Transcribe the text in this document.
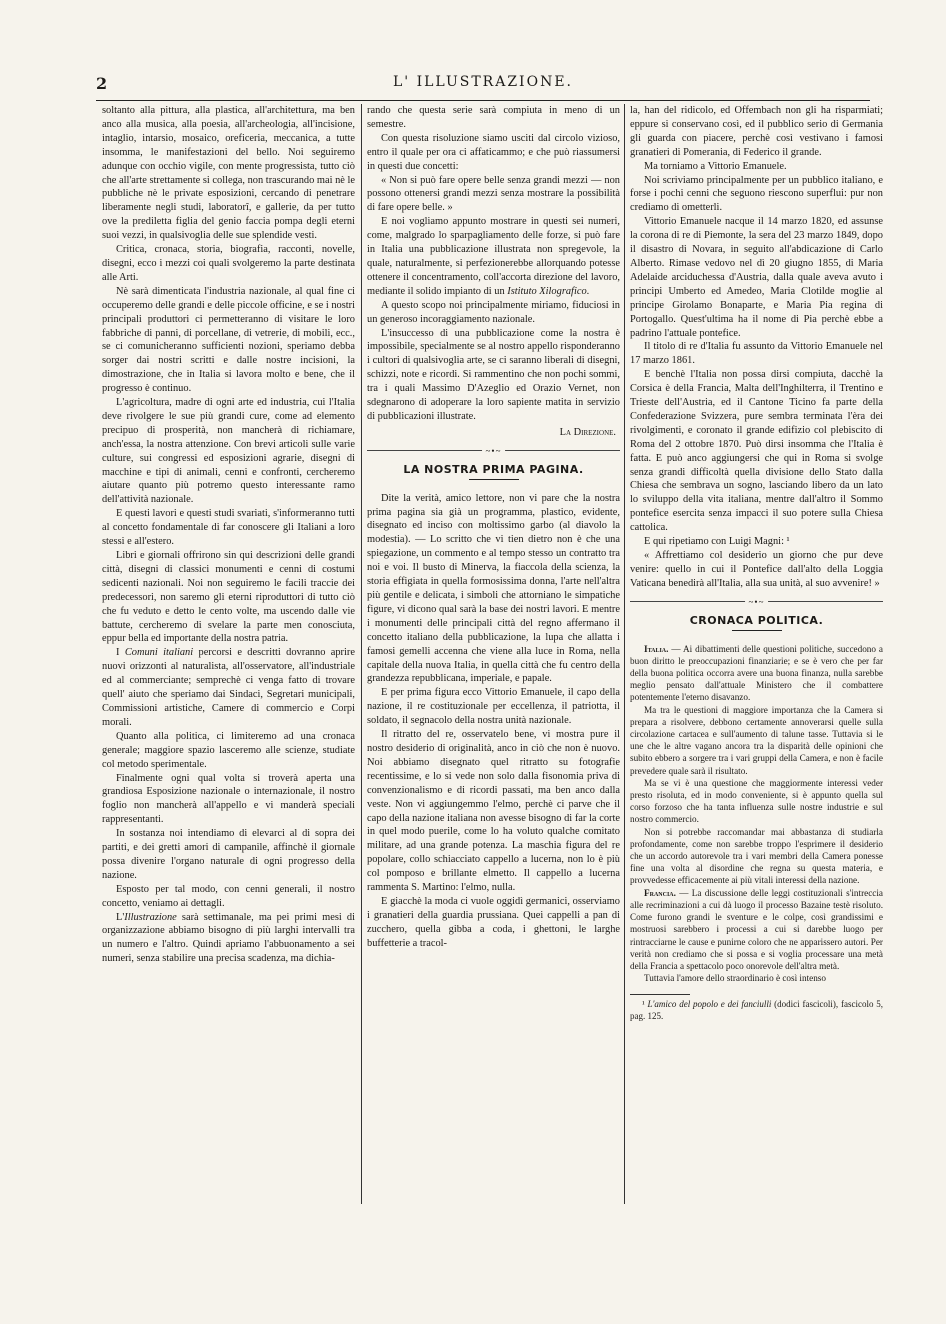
2	L' ILLUSTRAZIONE.

soltanto alla pittura, alla plastica, all'architettura, ma ben anco alla musica, alla poesia, all'archeologia, all'incisione, intaglio, intarsio, mosaico, oreficeria, meccanica, a tutte insomma, le manifestazioni del bello. Noi seguiremo adunque con occhio vigile, con mente progressista, tutto ciò che all'arte strettamente si collega, non trascurando mai nè le pubbliche nè le private esposizioni, cercando di penetrare liberamente negli studi, laboratorî, e gallerie, da per tutto ove la prediletta figlia del genio faccia pompa degli eterni suoi vezzi, in qualsivoglia delle sue splendide vesti.

Critica, cronaca, storia, biografia, racconti, novelle, disegni, ecco i mezzi coi quali svolgeremo la parte destinata alle Arti.

Nè sarà dimenticata l'industria nazionale, al qual fine ci occuperemo delle grandi e delle piccole officine, e se i nostri principali produttori ci permetteranno di visitare le loro fabbriche di panni, di porcellane, di vetrerie, di mobili, ecc., se ci comunicheranno sufficienti nozioni, speriamo debba sorger dai nostri scritti e dalle nostre incisioni, la dimostrazione, che in Italia si lavora molto e bene, che il progresso è continuo.

L'agricoltura, madre di ogni arte ed industria, cui l'Italia deve rivolgere le sue più grandi cure, come ad elemento precipuo di prosperità, non mancherà di richiamare, anch'essa, la nostra attenzione. Con brevi articoli sulle varie culture, sui congressi ed esposizioni agrarie, disegni di macchine e tipi di animali, cenni e confronti, cercheremo aiutare quanto più potremo questo interessante ramo dell'attività nazionale.

E questi lavori e questi studi svariati, s'informeranno tutti al concetto fondamentale di far conoscere gli Italiani a loro stessi e all'estero.

Libri e giornali offrirono sin qui descrizioni delle grandi città, disegni di classici monumenti e cenni di costumi sedicenti nazionali. Noi non seguiremo le facili traccie dei predecessori, non saremo gli eterni riproduttori di tutto ciò che fu veduto e detto le cento volte, ma uscendo dalle vie battute, cercheremo di svelare la parte men conosciuta, eppur bella ed importante della nostra patria.

I Comuni italiani percorsi e descritti dovranno aprire nuovi orizzonti al naturalista, all'osservatore, all'industriale ed al commerciante; semprechè ci venga fatto di trovare quell' aiuto che speriamo dai Sindaci, Segretari municipali, Commissioni artistiche, Camere di commercio e Corpi morali.

Quanto alla politica, ci limiteremo ad una cronaca generale; maggiore spazio lasceremo alle scienze, studiate col metodo sperimentale.

Finalmente ogni qual volta si troverà aperta una grandiosa Esposizione nazionale o internazionale, il nostro foglio non mancherà all'appello e vi manderà speciali rappresentanti.

In sostanza noi intendiamo di elevarci al di sopra dei partiti, e dei gretti amori di campanile, affinchè il giornale possa divenire l'organo naturale di ogni progresso della nazione.

Esposto per tal modo, con cenni generali, il nostro concetto, veniamo ai dettagli.

L'Illustrazione sarà settimanale, ma pei primi mesi di organizzazione abbiamo bisogno di più larghi intervalli tra un numero e l'altro. Quindi apriamo l'abbuonamento a sei numeri, senza stabilire una precisa scadenza, ma dichia-

rando che questa serie sarà compiuta in meno di un semestre.

Con questa risoluzione siamo usciti dal circolo vizioso, entro il quale per ora ci affaticammo; e che può riassumersi in questi due concetti:

« Non si può fare opere belle senza grandi mezzi — non possono ottenersi grandi mezzi senza mostrare la possibilità di fare opere belle. »

E noi vogliamo appunto mostrare in questi sei numeri, come, malgrado lo sparpagliamento delle forze, si può fare in Italia una pubblicazione illustrata non spregevole, la quale, naturalmente, si perfezionerebbe allorquando potesse ottenere il concentramento, coll'accorta direzione del lavoro, mediante il solido impianto di un Istituto Xilografico.

A questo scopo noi principalmente miriamo, fiduciosi in un generoso incoraggiamento nazionale.

L'insuccesso di una pubblicazione come la nostra è impossibile, specialmente se al nostro appello risponderanno i cultori di qualsivoglia arte, se ci saranno liberali di disegni, schizzi, note e ricordi. Si rammentino che non pochi sommi, tra i quali Massimo D'Azeglio ed Orazio Vernet, non sdegnarono di adoperare la loro sapiente matita in servizio di pubblicazioni illustrate.

La Direzione.
~•~
LA NOSTRA PRIMA PAGINA.

Dite la verità, amico lettore, non vi pare che la nostra prima pagina sia già un programma, plastico, evidente, disegnato ed inciso con moltissimo garbo (al diavolo la modestia). — Lo scritto che vi tien dietro non è che una spiegazione, un commento e al tempo stesso un contratto tra noi e voi. Il busto di Minerva, la fiaccola della scienza, la storia effigiata in quella formosissima donna, l'arte nell'altra più gentile e delicata, i simboli che attorniano le simpatiche figure, vi dicono qual sarà la base dei nostri lavori. E mentre i monumenti delle principali città del regno affermano il concetto italiano della pubblicazione, la lupa che allatta i famosi gemelli accenna che viene alla luce in Roma, nella capitale della nuova Italia, in quella città che fu centro della grandezza repubblicana, imperiale, e papale.

E per prima figura ecco Vittorio Emanuele, il capo della nazione, il re costituzionale per eccellenza, il patriotta, il soldato, il segnacolo della nostra unità nazionale.

Il ritratto del re, osservatelo bene, vi mostra pure il nostro desiderio di originalità, anco in ciò che non è nuovo. Noi abbiamo disegnato quel ritratto su fotografie recentissime, e lo si vede non solo dalla fisonomia priva di convenzionalismo e di ricordi passati, ma ben anco dalla veste. Non vi aggiungemmo l'elmo, perchè ci parve che il capo della nazione italiana non avesse bisogno di far la corte in quel modo puerile, come lo ha voluto qualche comitato militare, ad una grande potenza. La maschia figura del re popolare, collo schiacciato cappello a lucerna, non lo è più col pomposo e brillante elmetto. Il cappello a lucerna rammenta S. Martino: l'elmo, nulla.

E giacchè la moda ci vuole oggidì germanici, osserviamo i granatieri della guardia prussiana. Quei cappelli a pan di zucchero, quella gibba a coda, i ghettoni, le larghe buffetterie a tracol-

la, han del ridicolo, ed Offembach non gli ha risparmiati; eppure si conservano così, ed il pubblico serio di Germania gli guarda con piacere, perchè così vestivano i famosi granatieri di Pomerania, di Federico il grande.

Ma torniamo a Vittorio Emanuele.

Noi scriviamo principalmente per un pubblico italiano, e forse i pochi cenni che seguono riescono superflui: pur non crediamo di ometterli.

Vittorio Emanuele nacque il 14 marzo 1820, ed assunse la corona di re di Piemonte, la sera del 23 marzo 1849, dopo il disastro di Novara, in seguito all'abdicazione di Carlo Alberto. Rimase vedovo nel dì 20 giugno 1855, di Maria Adelaide arciduchessa d'Austria, dalla quale aveva avuto i principi Umberto ed Amedeo, Maria Clotilde moglie al principe Girolamo Bonaparte, e Maria Pia regina di Portogallo. Quest'ultima ha il nome di Pia perchè ebbe a padrino l'attuale pontefice.

Il titolo di re d'Italia fu assunto da Vittorio Emanuele nel 17 marzo 1861.

E benchè l'Italia non possa dirsi compiuta, dacchè la Corsica è della Francia, Malta dell'Inghilterra, il Trentino e Trieste dell'Austria, ed il Cantone Ticino fa parte della Confederazione Svizzera, pure sembra terminata l'èra dei rivolgimenti, e coronato il grande edifizio col plebiscito di Roma del 2 ottobre 1870. Può dirsi insomma che l'Italia è fatta. E può anco aggiungersi che qui in Roma si svolge senza grandi difficoltà quella divisione dello Stato dalla Chiesa che sembrava un sogno, lasciando libero da un lato lo sviluppo della vita italiana, mentre dall'altro il Sommo pontefice esercita senza impacci il suo potere sulla Chiesa cattolica.

E qui ripetiamo con Luigi Magni: ¹

« Affrettiamo col desiderio un giorno che pur deve venire: quello in cui il Pontefice dall'alto della Loggia Vaticana benedirà all'Italia, alla sua unità, al suo avvenire! »

~•~
CRONACA POLITICA.

Italia. — Ai dibattimenti delle questioni politiche, succedono a buon diritto le preoccupazioni finanziarie; e se è vero che per far della buona politica occorra avere una buona finanza, nulla sarebbe meglio pensato dall'attuale Ministero che il combattere potentemente l'eterno disavanzo.

Ma tra le questioni di maggiore importanza che la Camera si prepara a risolvere, debbono certamente annoverarsi quelle sulla circolazione cartacea e sull'aumento di talune tasse. Tuttavia si le une che le altre vagano ancora tra la disparità delle opinioni che subito ebbero a sorgere tra i vari gruppi della Camera, e non è facile prevedere quale sarà il risultato.

Ma se vi è una questione che maggiormente interessi veder presto risoluta, ed in modo conveniente, si è appunto quella sul corso forzoso che ha tanta influenza sulle nostre industrie e sul nostro commercio.

Non si potrebbe raccomandar mai abbastanza di studiarla profondamente, come non sarebbe troppo l'esprimere il desiderio che un accordo autorevole tra i vari membri della Camera ponesse fine una volta al disordine che regna su questa materia, e provvedesse efficacemente ai più vitali interessi della nazione.

Francia. — La discussione delle leggi costituzionali s'intreccia alle recriminazioni a cui dà luogo il processo Bazaine testè risoluto. Come furono grandi le sventure e le colpe, così grandissimi e mostruosi sarebbero i processi a cui si darebbe luogo per rintracciarne le cause e punirne coloro che ne apparissero autori. Per verità non crediamo che si possa e si voglia processare una metà della Francia a spettacolo poco onorevole dell'altra metà.

Tuttavia l'amore dello straordinario è così intenso

¹ L'amico del popolo e dei fanciulli (dodici fascicoli), fascicolo 5, pag. 125.
